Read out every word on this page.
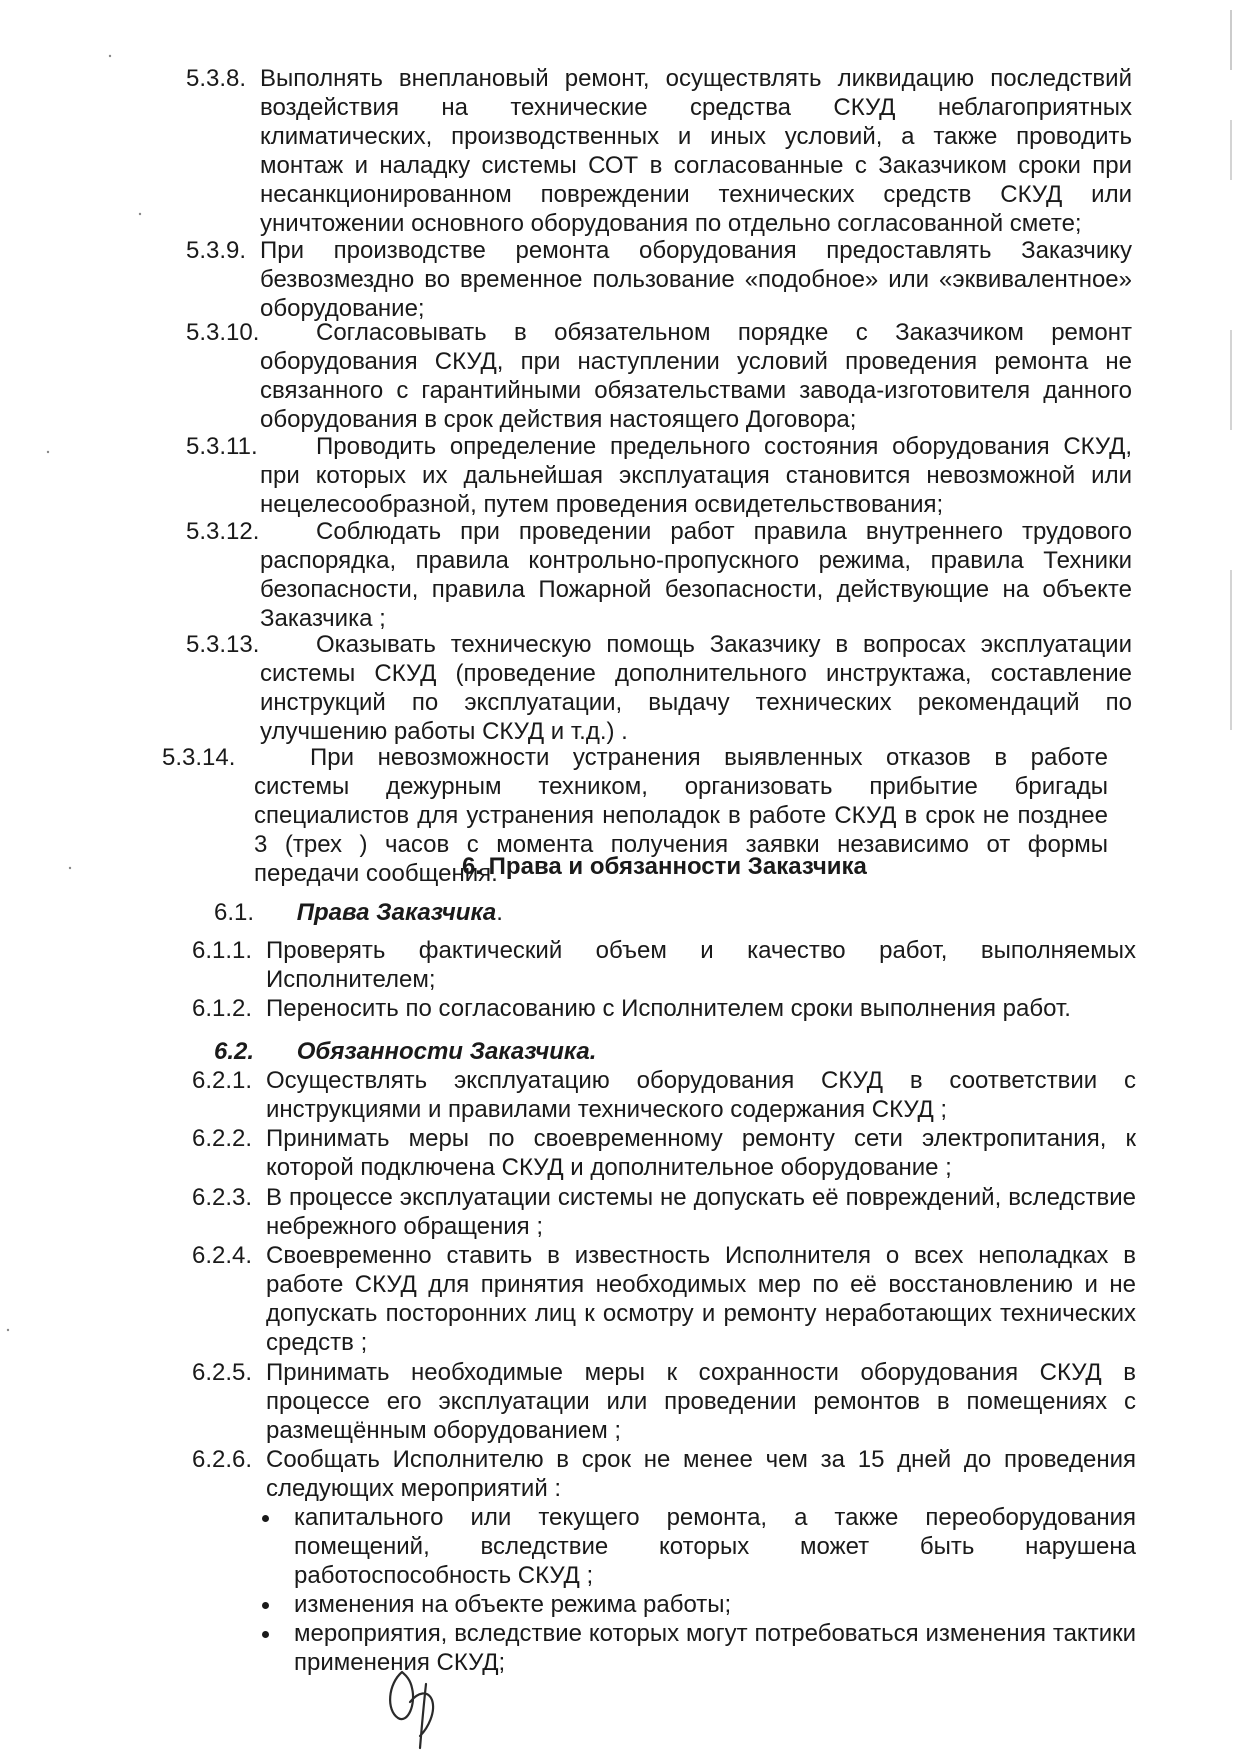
5.3.8. Выполнять внеплановый ремонт, осуществлять ликвидацию последствий воздействия на технические средства СКУД неблагоприятных климатических, производственных и иных условий, а также проводить монтаж и наладку системы СОТ в согласованные с Заказчиком сроки при несанкционированном повреждении технических средств СКУД или уничтожении основного оборудования по отдельно согласованной смете;
5.3.9. При производстве ремонта оборудования предоставлять Заказчику безвозмездно во временное пользование «подобное» или «эквивалентное» оборудование;
5.3.10.	Согласовывать в обязательном порядке с Заказчиком ремонт оборудования СКУД, при наступлении условий проведения ремонта не связанного с гарантийными обязательствами завода-изготовителя данного оборудования в срок действия настоящего Договора;
5.3.11.	Проводить определение предельного состояния оборудования СКУД, при которых их дальнейшая эксплуатация становится невозможной или нецелесообразной, путем проведения освидетельствования;
5.3.12.	Соблюдать при проведении работ правила внутреннего трудового распорядка, правила контрольно-пропускного режима, правила Техники безопасности, правила Пожарной безопасности, действующие на объекте Заказчика ;
5.3.13.	Оказывать техническую помощь Заказчику в вопросах эксплуатации системы СКУД (проведение дополнительного инструктажа, составление инструкций по эксплуатации, выдачу технических рекомендаций по улучшению работы СКУД и т.д.) .
5.3.14.	При невозможности устранения выявленных отказов в работе системы дежурным техником, организовать прибытие бригады специалистов для устранения неполадок в работе СКУД в срок не позднее 3 (трех ) часов с момента получения заявки независимо от формы передачи сообщения.
6. Права и обязанности Заказчика
6.1. Права Заказчика.
6.1.1. Проверять фактический объем и качество работ, выполняемых Исполнителем;
6.1.2. Переносить по согласованию с Исполнителем сроки выполнения работ.
6.2. Обязанности Заказчика.
6.2.1. Осуществлять эксплуатацию оборудования СКУД в соответствии с инструкциями и правилами технического содержания СКУД ;
6.2.2. Принимать меры по своевременному ремонту сети электропитания, к которой подключена СКУД и дополнительное оборудование ;
6.2.3. В процессе эксплуатации системы не допускать её повреждений, вследствие небрежного обращения ;
6.2.4. Своевременно ставить в известность Исполнителя о всех неполадках в работе СКУД для принятия необходимых мер по её восстановлению и не допускать посторонних лиц к осмотру и ремонту неработающих технических средств ;
6.2.5. Принимать необходимые меры к сохранности оборудования СКУД в процессе его эксплуатации или проведении ремонтов в помещениях с размещённым оборудованием ;
6.2.6. Сообщать Исполнителю в срок не менее чем за 15 дней до проведения следующих мероприятий :
капитального или текущего ремонта, а также переоборудования помещений, вследствие которых может быть нарушена работоспособность СКУД ;
изменения на объекте режима работы;
мероприятия, вследствие которых могут потребоваться изменения тактики применения СКУД;
